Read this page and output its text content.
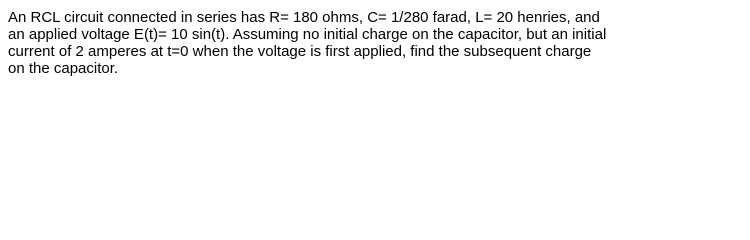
An RCL circuit connected in series has R= 180 ohms, C= 1/280 farad, L= 20 henries, and
an applied voltage E(t)= 10 sin(t). Assuming no initial charge on the capacitor, but an initial
current of 2 amperes at t=0 when the voltage is first applied, find the subsequent charge
on the capacitor.
